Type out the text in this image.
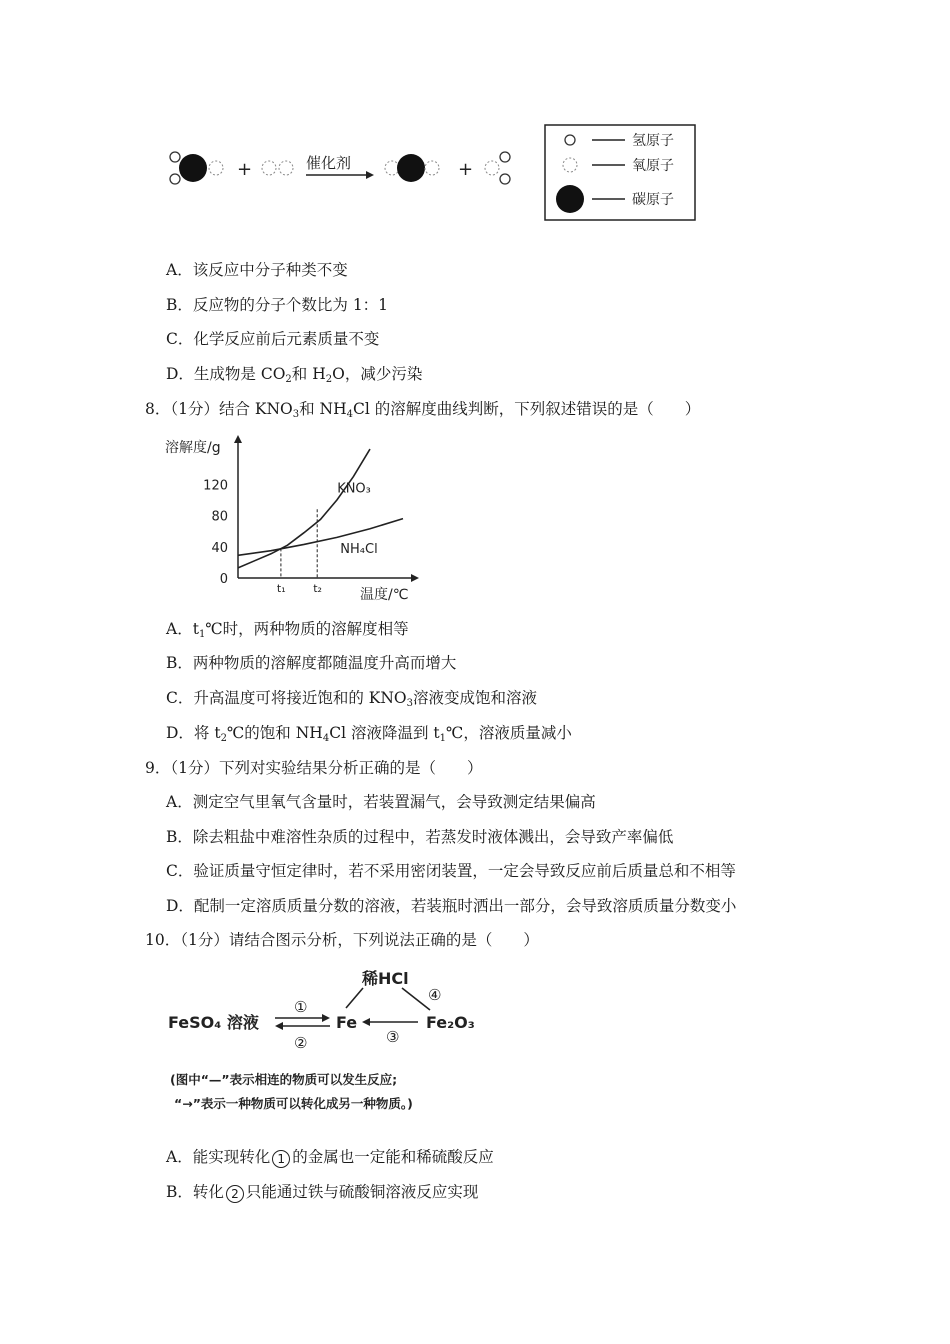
+	催化剂	+
氢原子
氧原子
碳原子
A．该反应中分子种类不变
B．反应物的分子个数比为 1：1
C．化学反应前后元素质量不变
D．生成物是 $CO_2$和 $H_2O$，减少污染
8．（1分）结合 $KNO_3$和 $NH_4Cl$ 的溶解度曲线判断，下列叙述错误的是（　　）
溶解度/g
温度/℃
0
40
80
120	KNO₃
NH₄Cl
t₁	t₂
A．$t_1℃$时，两种物质的溶解度相等
B．两种物质的溶解度都随温度升高而增大
C．升高温度可将接近饱和的 $KNO_3$溶液变成饱和溶液
D．将 $t_2℃$的饱和 $NH_4Cl$ 溶液降温到 $t_1℃$，溶液质量减小
9．（1分）下列对实验结果分析正确的是（　　）
A．测定空气里氧气含量时，若装置漏气，会导致测定结果偏高
B．除去粗盐中难溶性杂质的过程中，若蒸发时液体溅出，会导致产率偏低
C．验证质量守恒定律时，若不采用密闭装置，一定会导致反应前后质量总和不相等
D．配制一定溶质质量分数的溶液，若装瓶时洒出一部分，会导致溶质质量分数变小
10．（1分）请结合图示分析，下列说法正确的是（　　）
稀HCl
FeSO₄ 溶液	Fe	Fe₂O₃
①
②	③
④
(图中“—”表示相连的物质可以发生反应;
“→”表示一种物质可以转化成另一种物质。)
A．能实现转化 1 的金属也一定能和稀硫酸反应
B．转化 2 只能通过铁与硫酸铜溶液反应实现
